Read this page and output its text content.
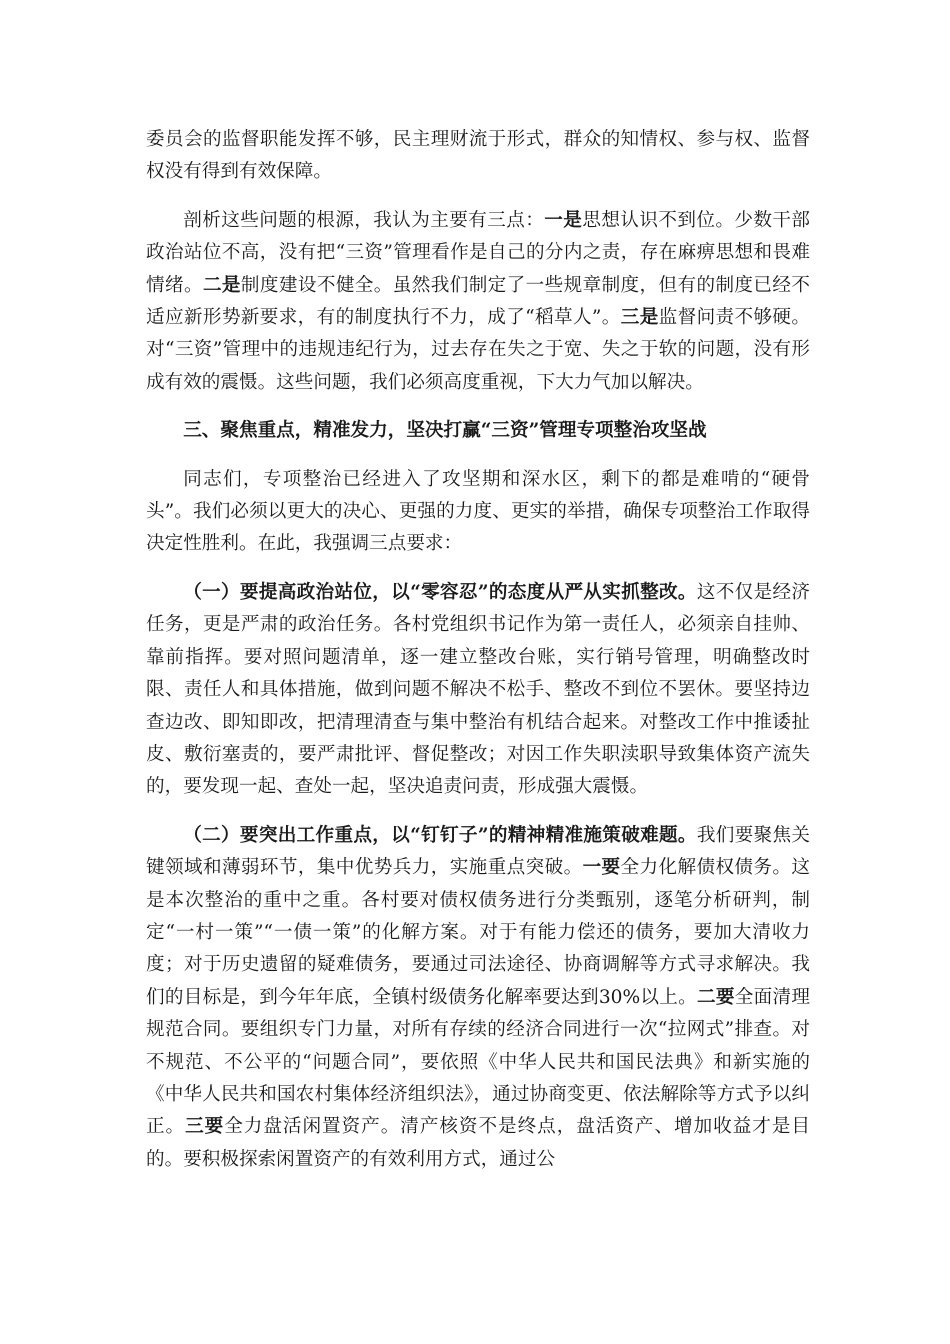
委员会的监督职能发挥不够，民主理财流于形式，群众的知情权、参与权、监督权没有得到有效保障。

剖析这些问题的根源，我认为主要有三点：一是思想认识不到位。少数干部政治站位不高，没有把“三资”管理看作是自己的分内之责，存在麻痹思想和畏难情绪。二是制度建设不健全。虽然我们制定了一些规章制度，但有的制度已经不适应新形势新要求，有的制度执行不力，成了“稻草人”。三是监督问责不够硬。对“三资”管理中的违规违纪行为，过去存在失之于宽、失之于软的问题，没有形成有效的震慑。这些问题，我们必须高度重视，下大力气加以解决。

三、聚焦重点，精准发力，坚决打赢“三资”管理专项整治攻坚战

同志们，专项整治已经进入了攻坚期和深水区，剩下的都是难啃的“硬骨头”。我们必须以更大的决心、更强的力度、更实的举措，确保专项整治工作取得决定性胜利。在此，我强调三点要求：

（一）要提高政治站位，以“零容忍”的态度从严从实抓整改。这不仅是经济任务，更是严肃的政治任务。各村党组织书记作为第一责任人，必须亲自挂帅、靠前指挥。要对照问题清单，逐一建立整改台账，实行销号管理，明确整改时限、责任人和具体措施，做到问题不解决不松手、整改不到位不罢休。要坚持边查边改、即知即改，把清理清查与集中整治有机结合起来。对整改工作中推诿扯皮、敷衍塞责的，要严肃批评、督促整改；对因工作失职渎职导致集体资产流失的，要发现一起、查处一起，坚决追责问责，形成强大震慑。

（二）要突出工作重点，以“钉钉子”的精神精准施策破难题。我们要聚焦关键领域和薄弱环节，集中优势兵力，实施重点突破。一要全力化解债权债务。这是本次整治的重中之重。各村要对债权债务进行分类甄别，逐笔分析研判，制定“一村一策”“一债一策”的化解方案。对于有能力偿还的债务，要加大清收力度；对于历史遗留的疑难债务，要通过司法途径、协商调解等方式寻求解决。我们的目标是，到今年年底，全镇村级债务化解率要达到30%以上。二要全面清理规范合同。要组织专门力量，对所有存续的经济合同进行一次“拉网式”排查。对不规范、不公平的“问题合同”，要依照《中华人民共和国民法典》和新实施的《中华人民共和国农村集体经济组织法》，通过协商变更、依法解除等方式予以纠正。三要全力盘活闲置资产。清产核资不是终点，盘活资产、增加收益才是目的。要积极探索闲置资产的有效利用方式，通过公
